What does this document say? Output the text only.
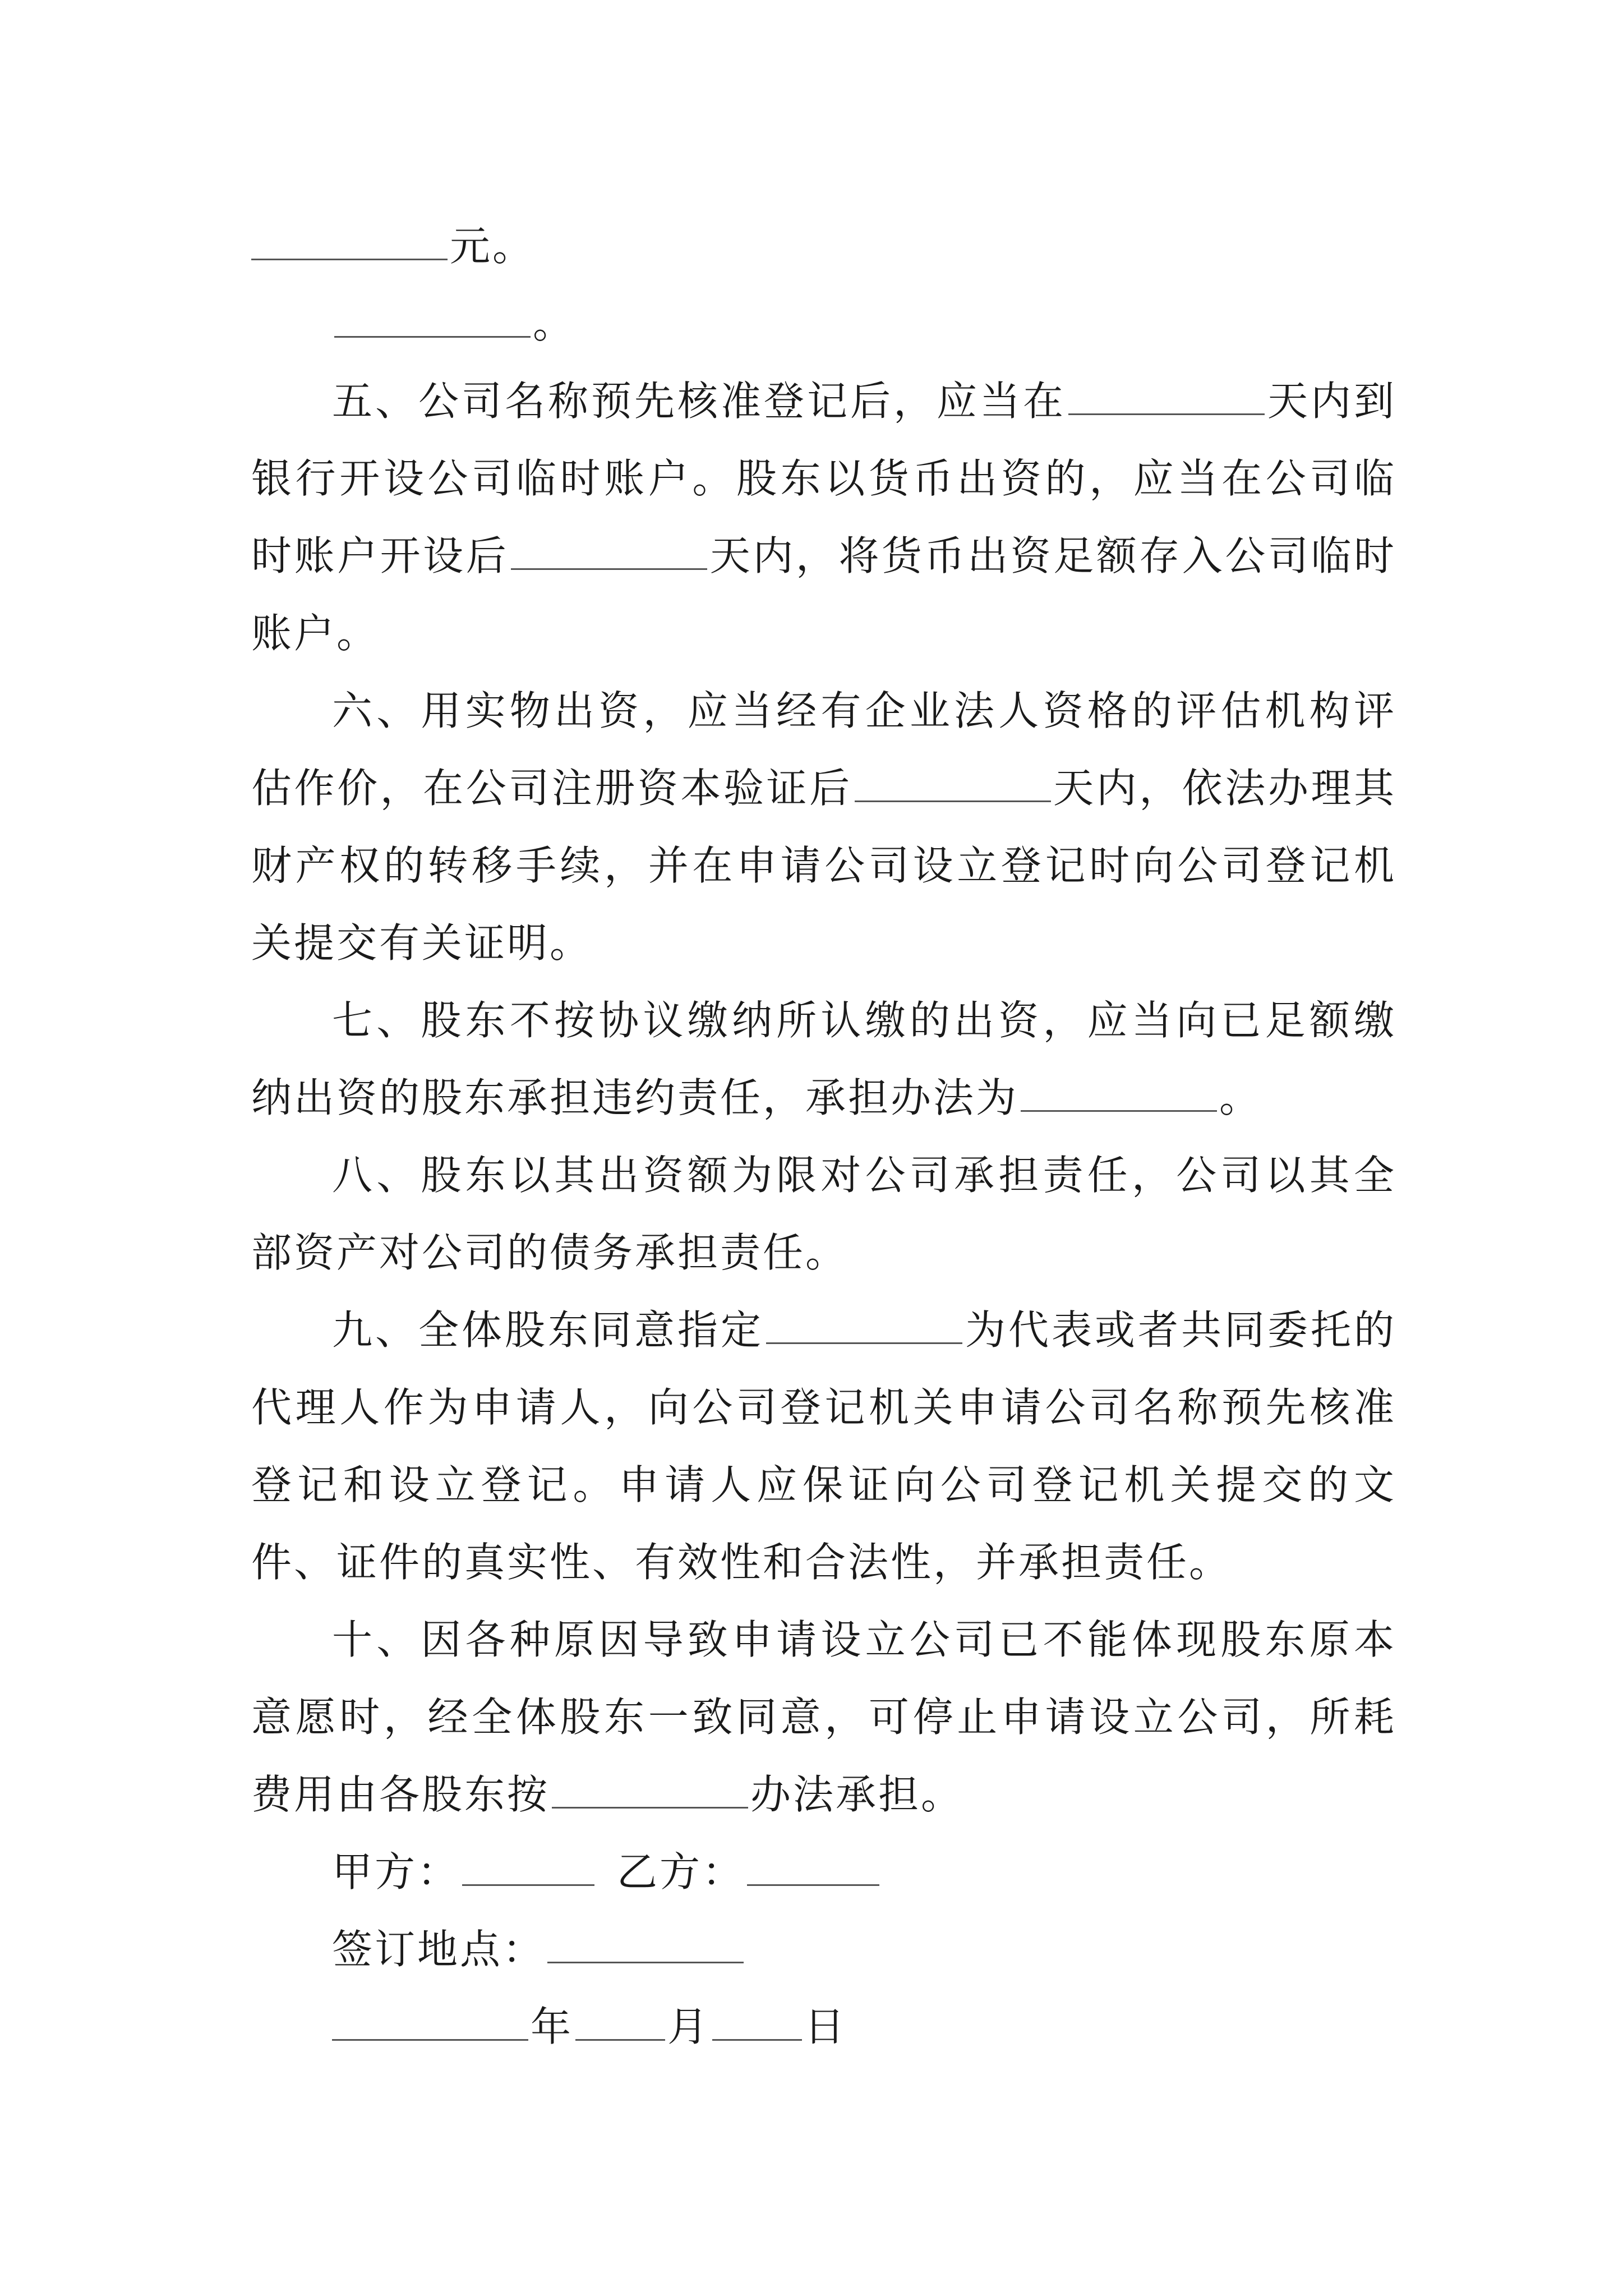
元。

。

五、公司名称预先核准登记后，应当在	天内到银行开设公司临时账户。股东以货币出资的，应当在公司临时账户开设后	天内，将货币出资足额存入公司临时账户。

六、用实物出资，应当经有企业法人资格的评估机构评估作价，在公司注册资本验证后	天内，依法办理其财产权的转移手续，并在申请公司设立登记时向公司登记机关提交有关证明。

七、股东不按协议缴纳所认缴的出资，应当向已足额缴纳出资的股东承担违约责任，承担办法为	。

八、股东以其出资额为限对公司承担责任，公司以其全部资产对公司的债务承担责任。

九、全体股东同意指定	为代表或者共同委托的代理人作为申请人，向公司登记机关申请公司名称预先核准登记和设立登记。申请人应保证向公司登记机关提交的文件、证件的真实性、有效性和合法性，并承担责任。

十、因各种原因导致申请设立公司已不能体现股东原本意愿时，经全体股东一致同意，可停止申请设立公司，所耗费用由各股东按	办法承担。

甲方：	乙方：

签订地点：

年 月 日
